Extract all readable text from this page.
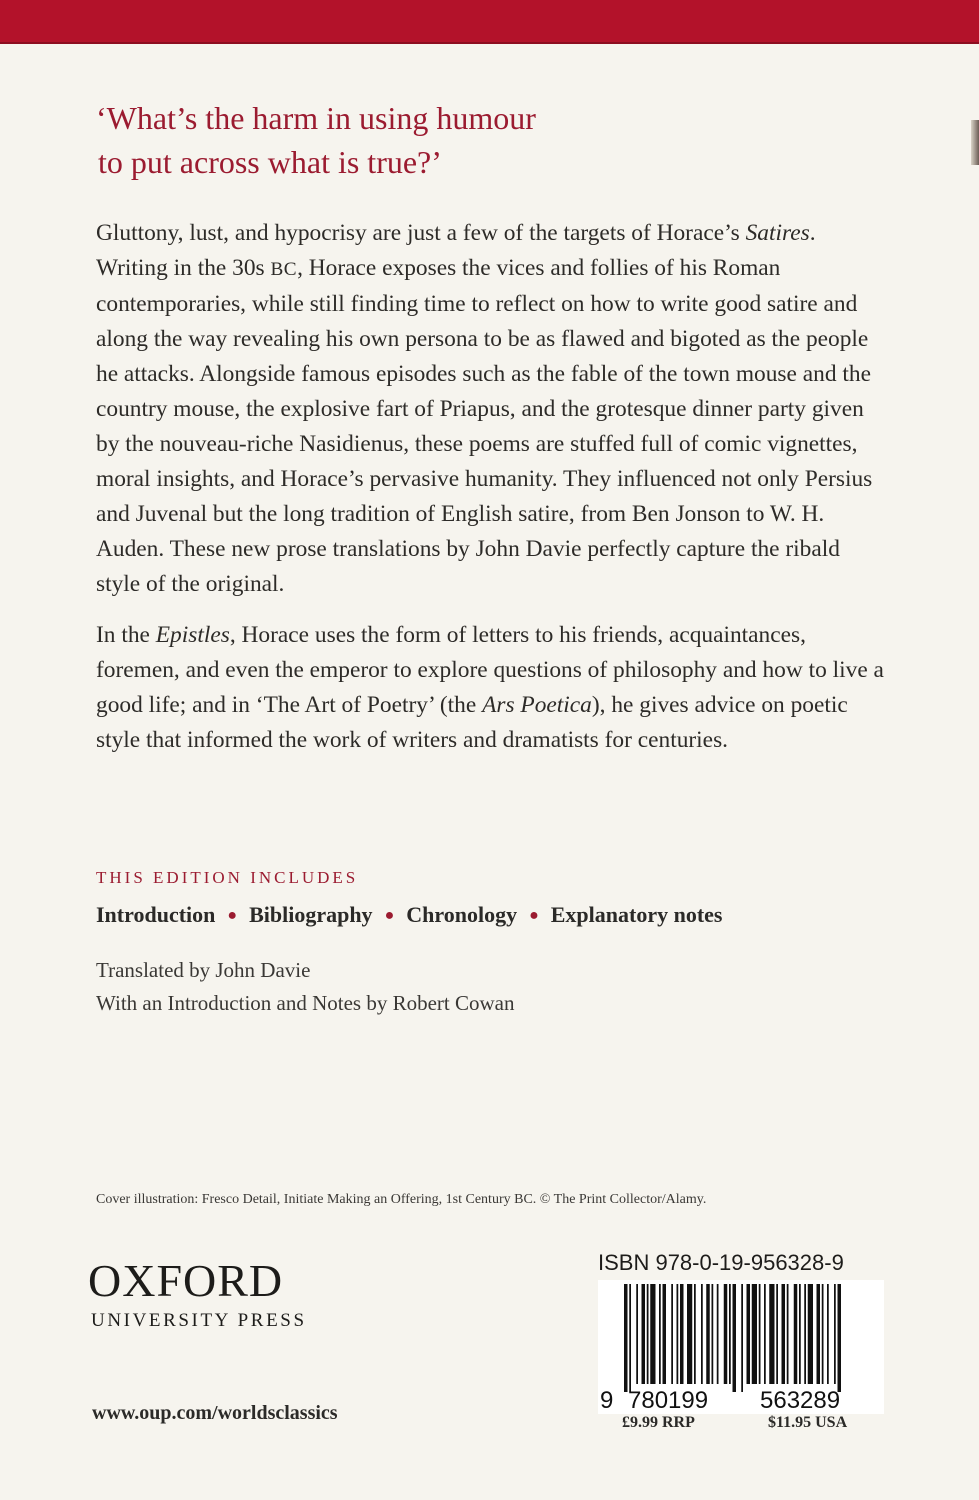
‘What’s the harm in using humour
to put across what is true?’

Gluttony, lust, and hypocrisy are just a few of the targets of Horace’s Satires. Writing in the 30s BC, Horace exposes the vices and follies of his Roman contemporaries, while still finding time to reflect on how to write good satire and along the way revealing his own persona to be as flawed and bigoted as the people he attacks. Alongside famous episodes such as the fable of the town mouse and the country mouse, the explosive fart of Priapus, and the grotesque dinner party given by the nouveau-riche Nasidienus, these poems are stuffed full of comic vignettes, moral insights, and Horace’s pervasive humanity. They influenced not only Persius and Juvenal but the long tradition of English satire, from Ben Jonson to W. H. Auden. These new prose translations by John Davie perfectly capture the ribald style of the original.

In the Epistles, Horace uses the form of letters to his friends, acquaintances, foremen, and even the emperor to explore questions of philosophy and how to live a good life; and in ‘The Art of Poetry’ (the Ars Poetica), he gives advice on poetic style that informed the work of writers and dramatists for centuries.

THIS EDITION INCLUDES
Introduction ● Bibliography ● Chronology ● Explanatory notes
Translated by John Davie
With an Introduction and Notes by Robert Cowan
Cover illustration: Fresco Detail, Initiate Making an Offering, 1st Century BC. © The Print Collector/Alamy.
OXFORD
UNIVERSITY PRESS
www.oup.com/worldsclassics
ISBN 978-0-19-956328-9
9 780199 563289
£9.99 RRP	$11.95 USA
